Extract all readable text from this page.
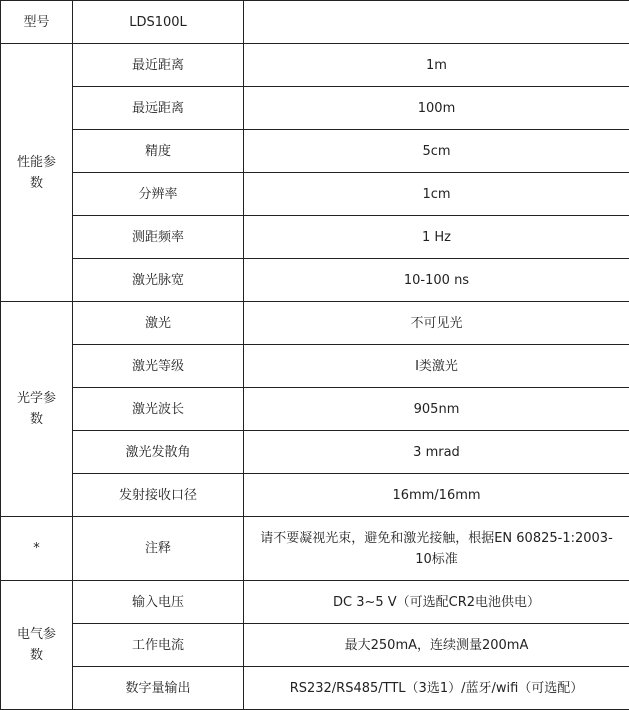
型号	LDS100L	
性能参数	最近距离	1m
	最远距离	100m
	精度	5cm
	分辨率	1cm
	测距频率	1 Hz
	激光脉宽	10-100 ns
光学参数	激光	不可见光
	激光等级	I类激光
	激光波长	905nm
	激光发散角	3 mrad
	发射接收口径	16mm/16mm
*	注释	请不要凝视光束，避免和激光接触，根据EN 60825-1:2003-10标准
电气参数	输入电压	DC 3~5 V（可选配CR2电池供电）
	工作电流	最大250mA，连续测量200mA
	数字量输出	RS232/RS485/TTL（3选1）/蓝牙/wifi（可选配）
